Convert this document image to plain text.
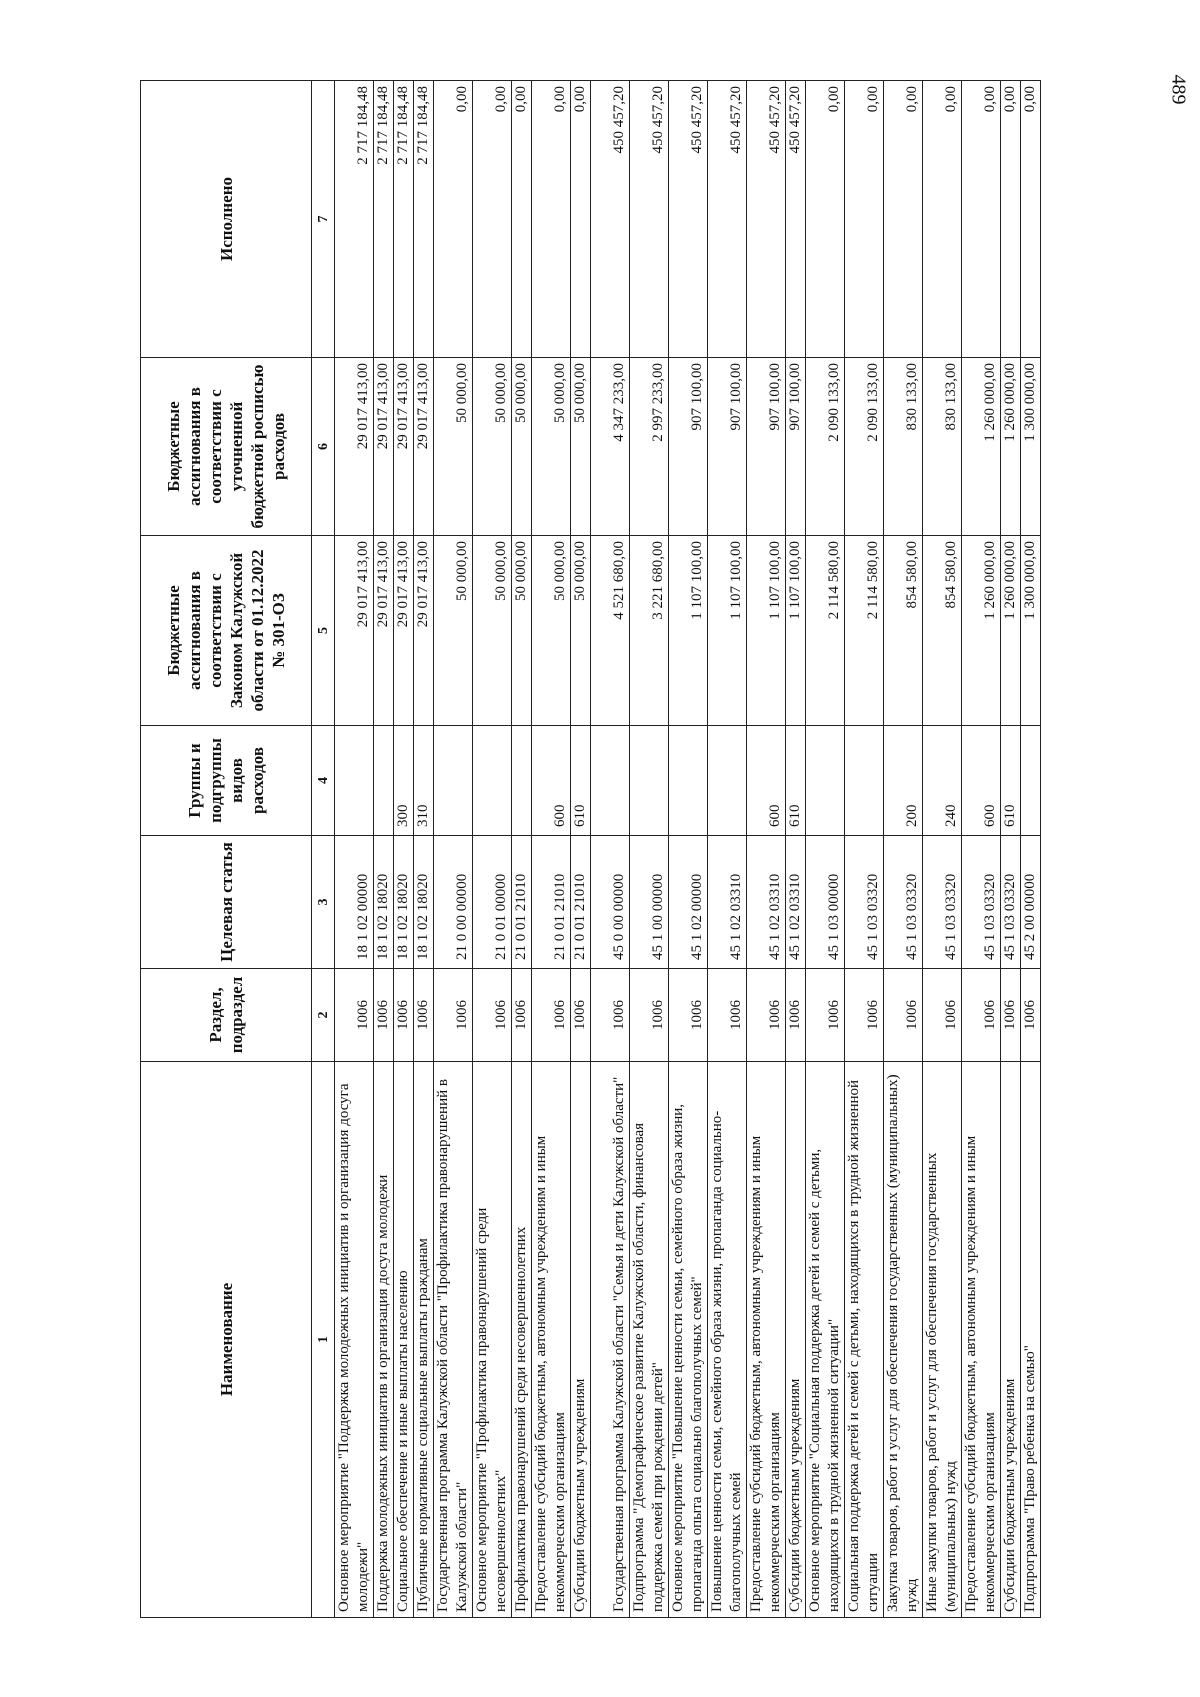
489
Наименование	Раздел, подраздел	Целевая статья	Группы и подгруппы видов расходов	Бюджетные ассигнования в соответствии с Законом Калужской области от 01.12.2022 № 301-ОЗ	Бюджетные ассигнования в соответствии с уточненной бюджетной росписью расходов	Исполнено
1	2	3	4	5	6	7
Основное мероприятие "Поддержка молодежных инициатив и организация досуга молодежи"	1006	18 1 02 00000		29 017 413,00	29 017 413,00	2 717 184,48
Поддержка молодежных инициатив и организация досуга молодежи	1006	18 1 02 18020		29 017 413,00	29 017 413,00	2 717 184,48
Социальное обеспечение и иные выплаты населению	1006	18 1 02 18020	300	29 017 413,00	29 017 413,00	2 717 184,48
Публичные нормативные социальные выплаты гражданам	1006	18 1 02 18020	310	29 017 413,00	29 017 413,00	2 717 184,48
Государственная программа Калужской области "Профилактика правонарушений в Калужской области"	1006	21 0 00 00000		50 000,00	50 000,00	0,00
Основное мероприятие "Профилактика правонарушений среди несовершеннолетних"	1006	21 0 01 00000		50 000,00	50 000,00	0,00
Профилактика правонарушений среди несовершеннолетних	1006	21 0 01 21010		50 000,00	50 000,00	0,00
Предоставление субсидий бюджетным, автономным учреждениям и иным некоммерческим организациям	1006	21 0 01 21010	600	50 000,00	50 000,00	0,00
Субсидии бюджетным учреждениям	1006	21 0 01 21010	610	50 000,00	50 000,00	0,00
Государственная программа Калужской области "Семья и дети Калужской области"	1006	45 0 00 00000		4 521 680,00	4 347 233,00	450 457,20
Подпрограмма "Демографическое развитие Калужской области, финансовая поддержка семей при рождении детей"	1006	45 1 00 00000		3 221 680,00	2 997 233,00	450 457,20
Основное мероприятие "Повышение ценности семьи, семейного образа жизни, пропаганда опыта социально благополучных семей"	1006	45 1 02 00000		1 107 100,00	907 100,00	450 457,20
Повышение ценности семьи, семейного образа жизни, пропаганда социально-благополучных семей	1006	45 1 02 03310		1 107 100,00	907 100,00	450 457,20
Предоставление субсидий бюджетным, автономным учреждениям и иным некоммерческим организациям	1006	45 1 02 03310	600	1 107 100,00	907 100,00	450 457,20
Субсидии бюджетным учреждениям	1006	45 1 02 03310	610	1 107 100,00	907 100,00	450 457,20
Основное мероприятие "Социальная поддержка детей и семей с детьми, находящихся в трудной жизненной ситуации"	1006	45 1 03 00000		2 114 580,00	2 090 133,00	0,00
Социальная поддержка детей и семей с детьми, находящихся в трудной жизненной ситуации	1006	45 1 03 03320		2 114 580,00	2 090 133,00	0,00
Закупка товаров, работ и услуг для обеспечения государственных (муниципальных) нужд	1006	45 1 03 03320	200	854 580,00	830 133,00	0,00
Иные закупки товаров, работ и услуг для обеспечения государственных (муниципальных) нужд	1006	45 1 03 03320	240	854 580,00	830 133,00	0,00
Предоставление субсидий бюджетным, автономным учреждениям и иным некоммерческим организациям	1006	45 1 03 03320	600	1 260 000,00	1 260 000,00	0,00
Субсидии бюджетным учреждениям	1006	45 1 03 03320	610	1 260 000,00	1 260 000,00	0,00
Подпрограмма "Право ребенка на семью"	1006	45 2 00 00000		1 300 000,00	1 300 000,00	0,00
